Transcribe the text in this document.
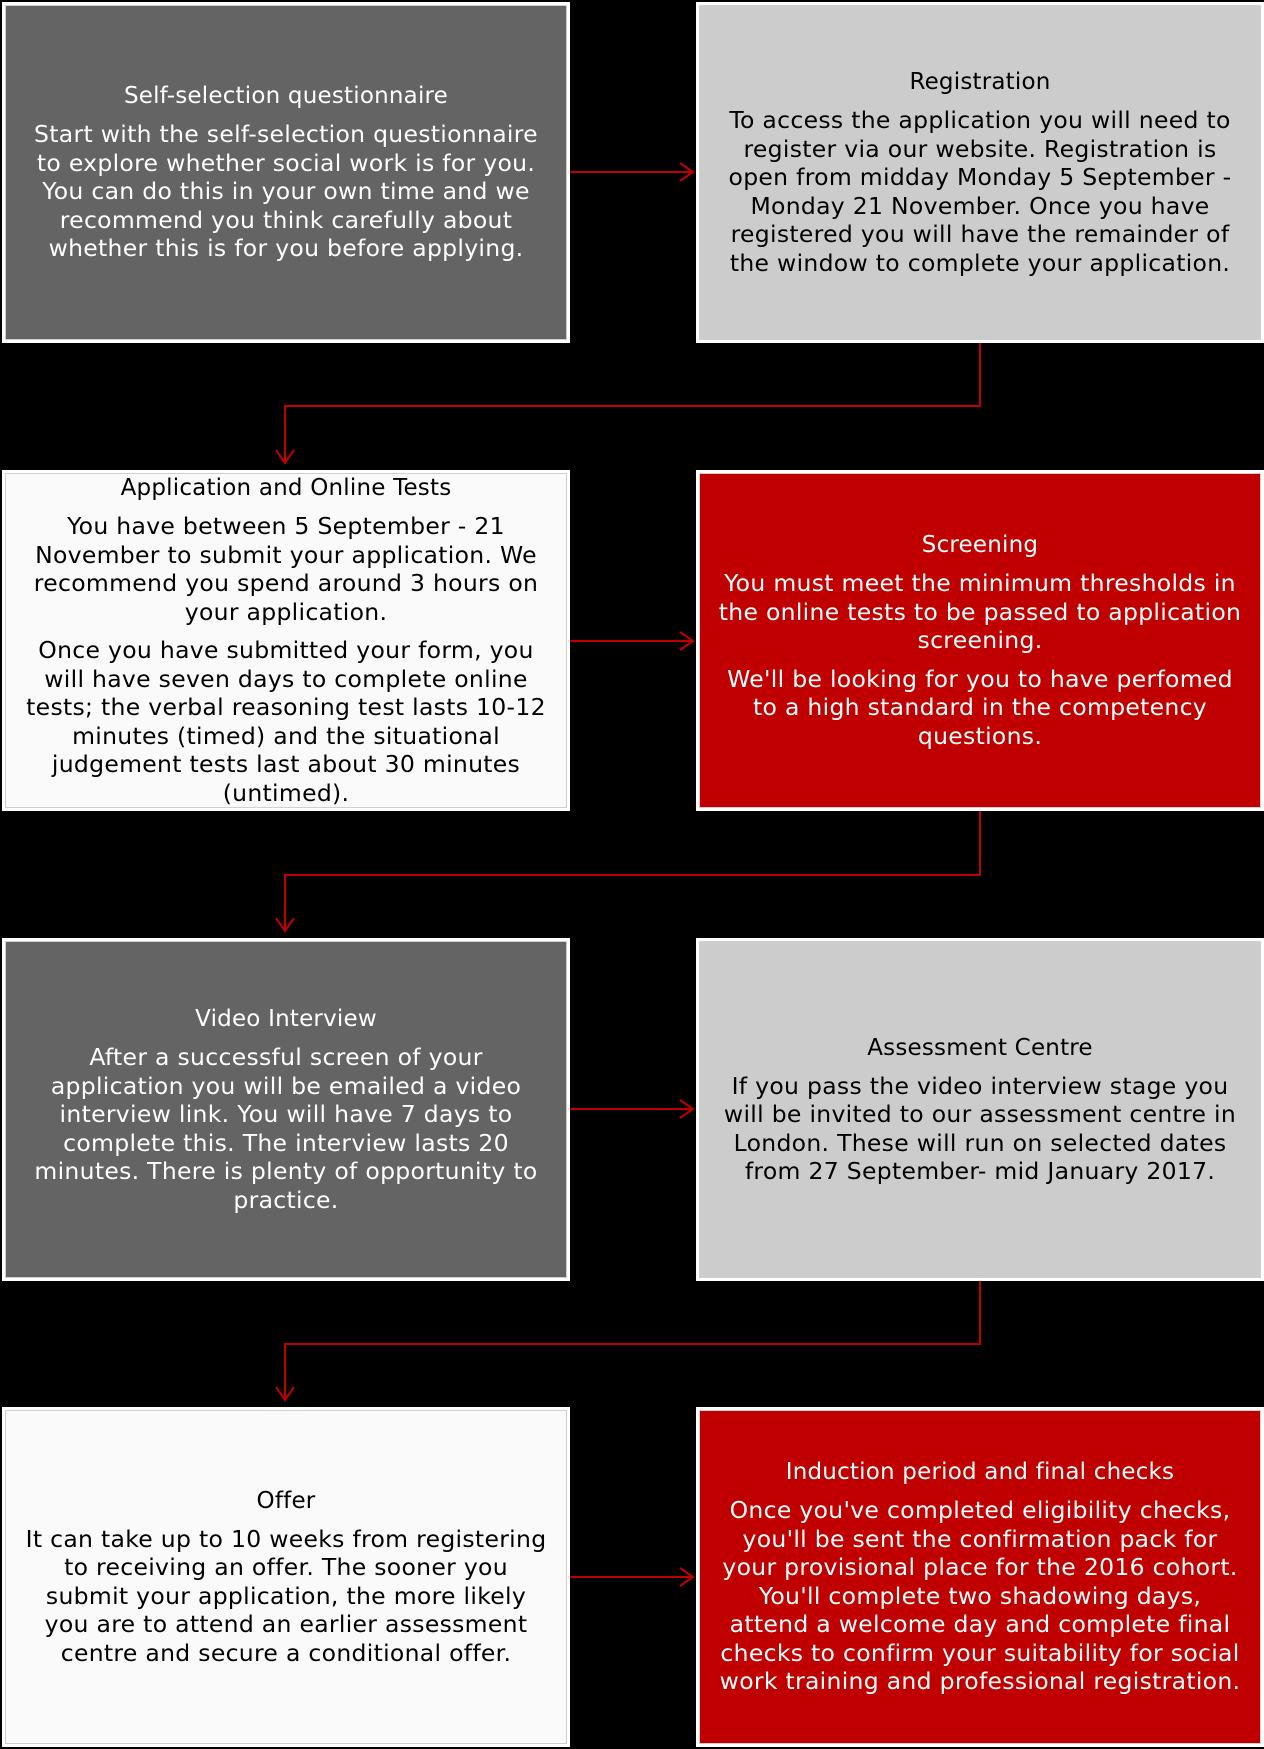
Self-selection questionnaire
Start with the self-selection questionnaire to explore whether social work is for you. You can do this in your own time and we recommend you think carefully about whether this is for you before applying.
Registration
To access the application you will need to register via our website. Registration is open from midday Monday 5 September - Monday 21 November. Once you have registered you will have the remainder of the window to complete your application.
Application and Online Tests
You have between 5 September - 21 November to submit your application. We recommend you spend around 3 hours on your application.
Once you have submitted your form, you will have seven days to complete online tests; the verbal reasoning test lasts 10-12 minutes (timed) and the situational judgement tests last about 30 minutes (untimed).
Screening
You must meet the minimum thresholds in the online tests to be passed to application screening.
We'll be looking for you to have perfomed to a high standard in the competency questions.
Video Interview
After a successful screen of your application you will be emailed a video interview link. You will have 7 days to complete this. The interview lasts 20 minutes. There is plenty of opportunity to practice.
Assessment Centre
If you pass the video interview stage you will be invited to our assessment centre in London. These will run on selected dates from 27 September- mid January 2017.
Offer
It can take up to 10 weeks from registering to receiving an offer. The sooner you submit your application, the more likely you are to attend an earlier assessment centre and secure a conditional offer.
Induction period and final checks
Once you've completed eligibility checks, you'll be sent the confirmation pack for your provisional place for the 2016 cohort. You'll complete two shadowing days, attend a welcome day and complete final checks to confirm your suitability for social work training and professional registration.
